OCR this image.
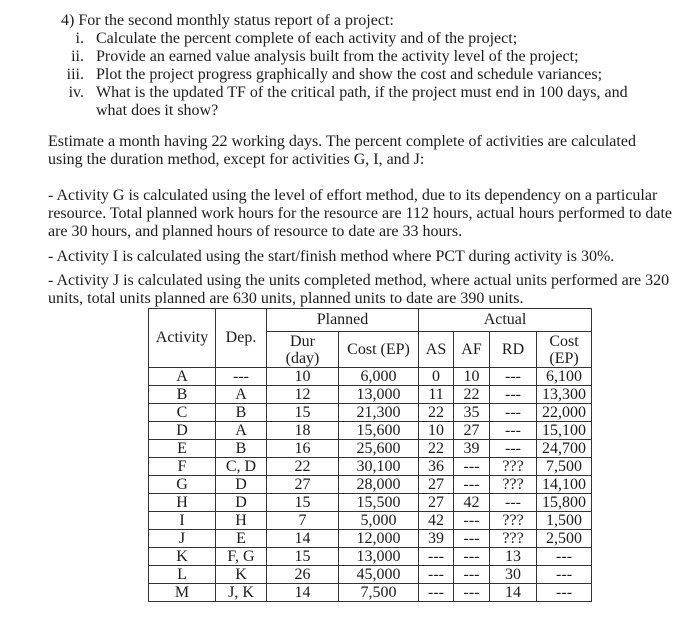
4) For the second monthly status report of a project:
i. Calculate the percent complete of each activity and of the project;
ii. Provide an earned value analysis built from the activity level of the project;
iii. Plot the project progress graphically and show the cost and schedule variances;
iv. What is the updated TF of the critical path, if the project must end in 100 days, and what does it show?

Estimate a month having 22 working days. The percent complete of activities are calculated using the duration method, except for activities G, I, and J:

- Activity G is calculated using the level of effort method, due to its dependency on a particular resource. Total planned work hours for the resource are 112 hours, actual hours performed to date are 30 hours, and planned hours of resource to date are 33 hours.

- Activity I is calculated using the start/finish method where PCT during activity is 30%.

- Activity J is calculated using the units completed method, where actual units performed are 320 units, total units planned are 630 units, planned units to date are 390 units.

Activity	Dep.	Planned		Actual			
		Dur (day)	Cost (EP)	AS	AF	RD	Cost (EP)
A	---	10	6,000	0	10	---	6,100
B	A	12	13,000	11	22	---	13,300
C	B	15	21,300	22	35	---	22,000
D	A	18	15,600	10	27	---	15,100
E	B	16	25,600	22	39	---	24,700
F	C, D	22	30,100	36	---	???	7,500
G	D	27	28,000	27	---	???	14,100
H	D	15	15,500	27	42	---	15,800
I	H	7	5,000	42	---	???	1,500
J	E	14	12,000	39	---	???	2,500
K	F, G	15	13,000	---	---	13	---
L	K	26	45,000	---	---	30	---
M	J, K	14	7,500	---	---	14	---
